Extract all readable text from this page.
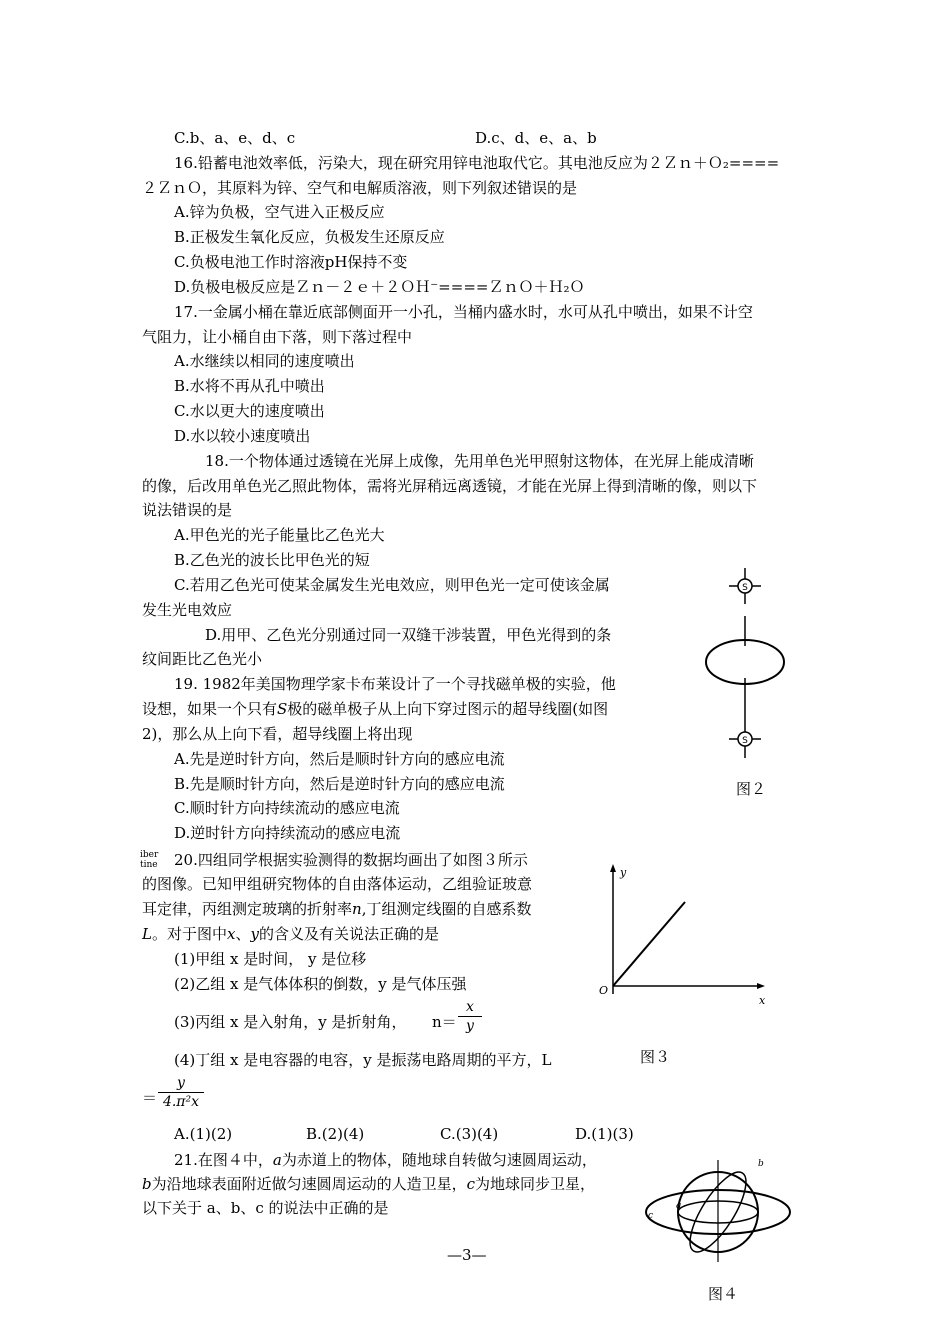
C.b、a、e、d、c	D.c、d、e、a、b
16.铅蓄电池效率低，污染大，现在研究用锌电池取代它。其电池反应为２Ｚｎ＋Ｏ₂====
２ＺｎＯ，其原料为锌、空气和电解质溶液，则下列叙述错误的是
A.锌为负极，空气进入正极反应
B.正极发生氧化反应，负极发生还原反应
C.负极电池工作时溶液pH保持不变
D.负极电极反应是Ｚｎ－２ｅ＋２ＯＨ⁻====ＺｎＯ＋Ｈ₂Ｏ
17.一金属小桶在靠近底部侧面开一小孔，当桶内盛水时，水可从孔中喷出，如果不计空
气阻力，让小桶自由下落，则下落过程中
A.水继续以相同的速度喷出
B.水将不再从孔中喷出
C.水以更大的速度喷出
D.水以较小速度喷出
18.一个物体通过透镜在光屏上成像，先用单色光甲照射这物体，在光屏上能成清晰
的像，后改用单色光乙照此物体，需将光屏稍远离透镜，才能在光屏上得到清晰的像，则以下
说法错误的是
A.甲色光的光子能量比乙色光大
B.乙色光的波长比甲色光的短
C.若用乙色光可使某金属发生光电效应，则甲色光一定可使该金属
发生光电效应
D.用甲、乙色光分别通过同一双缝干涉装置，甲色光得到的条
纹间距比乙色光小
19. 1982年美国物理学家卡布莱设计了一个寻找磁单极的实验，他
设想，如果一个只有S极的磁单极子从上向下穿过图示的超导线圈(如图
2)，那么从上向下看，超导线圈上将出现
A.先是逆时针方向，然后是顺时针方向的感应电流
B.先是顺时针方向，然后是逆时针方向的感应电流
C.顺时针方向持续流动的感应电流
D.逆时针方向持续流动的感应电流
S
S
图２
iber
tine 20.四组同学根据实验测得的数据均画出了如图３所示
的图像。已知甲组研究物体的自由落体运动，乙组验证玻意
耳定律，丙组测定玻璃的折射率n,丁组测定线圈的自感系数
L。对于图中x、y的含义及有关说法正确的是
(1)甲组 x 是时间， y 是位移
(2)乙组 x 是气体体积的倒数，y 是气体压强
(3)丙组 x 是入射角，y 是折射角， n＝
x
y
(4)丁组 x 是电容器的电容，y 是振荡电路周期的平方，L
＝
y
4.π²x
A.(1)(2)	B.(2)(4)	C.(3)(4)	D.(1)(3)
y
x
O
图３
21.在图４中，a为赤道上的物体，随地球自转做匀速圆周运动，
b为沿地球表面附近做匀速圆周运动的人造卫星，c为地球同步卫星，
以下关于 a、b、c 的说法中正确的是	c
a
b
图４
—3—
